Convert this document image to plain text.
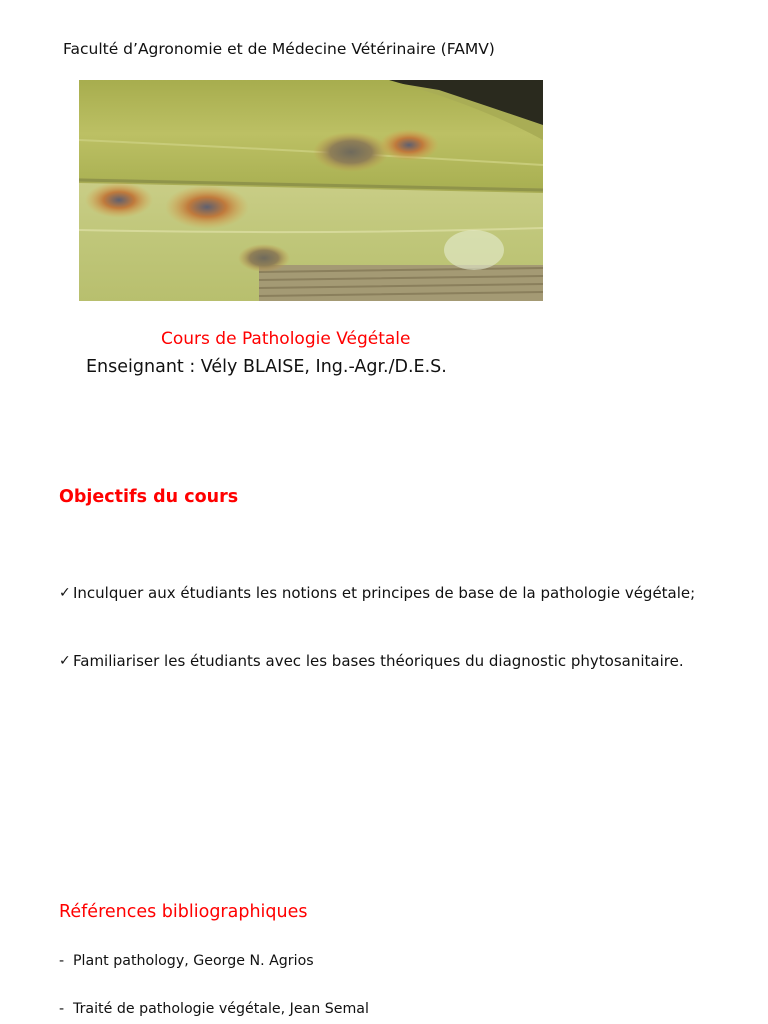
Faculté d’Agronomie et de Médecine Vétérinaire (FAMV)
Cours de Pathologie Végétale
Enseignant : Vély BLAISE, Ing.-Agr./D.E.S.
Objectifs du cours
✓ Inculquer aux étudiants les notions et principes de base de la pathologie végétale;
✓ Familiariser les étudiants avec les bases théoriques du diagnostic phytosanitaire.
Références bibliographiques
- Plant pathology, George N. Agrios
- Traité de pathologie végétale, Jean Semal
